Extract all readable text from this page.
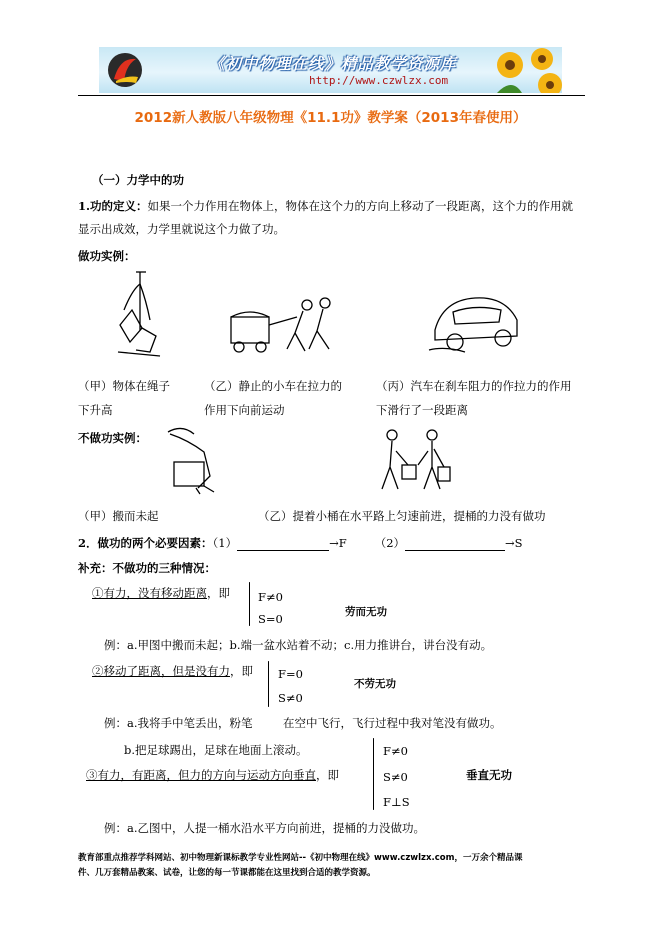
《初中物理在线》精品教学资源库
http://www.czwlzx.com
2012新人教版八年级物理《11.1功》教学案（2013年春使用）
（一）力学中的功
1.功的定义：如果一个力作用在物体上，物体在这个力的方向上移动了一段距离，这个力的作用就
显示出成效，力学里就说这个力做了功。
做功实例：
（甲）物体在绳子
下升高
（乙）静止的小车在拉力的
作用下向前运动
（丙）汽车在刹车阻力的作拉力的作用
下滑行了一段距离
不做功实例：
（甲）搬而未起	（乙）提着小桶在水平路上匀速前进，提桶的力没有做功
2．做功的两个必要因素：（1）	→F （2）	→S
补充：不做功的三种情况：
①有力，没有移动距离，即 F≠0
S=0	劳而无功
例：a.甲图中搬而未起；b.端一盆水站着不动；c.用力推讲台，讲台没有动。
②移动了距离，但是没有力，即 F=0
S≠0
不劳无功
例：a.我将手中笔丢出，粉笔	在空中飞行，飞行过程中我对笔没有做功。
b.把足球踢出，足球在地面上滚动。
③有力，有距离，但力的方向与运动方向垂直，即
F≠0
S≠0
F⊥S
垂直无功
例：a.乙图中，人提一桶水沿水平方向前进，提桶的力没做功。
教育部重点推荐学科网站、初中物理新课标教学专业性网站--《初中物理在线》www.czwlzx.com，一万余个精品课
件、几万套精品教案、试卷，让您的每一节课都能在这里找到合适的教学资源。
